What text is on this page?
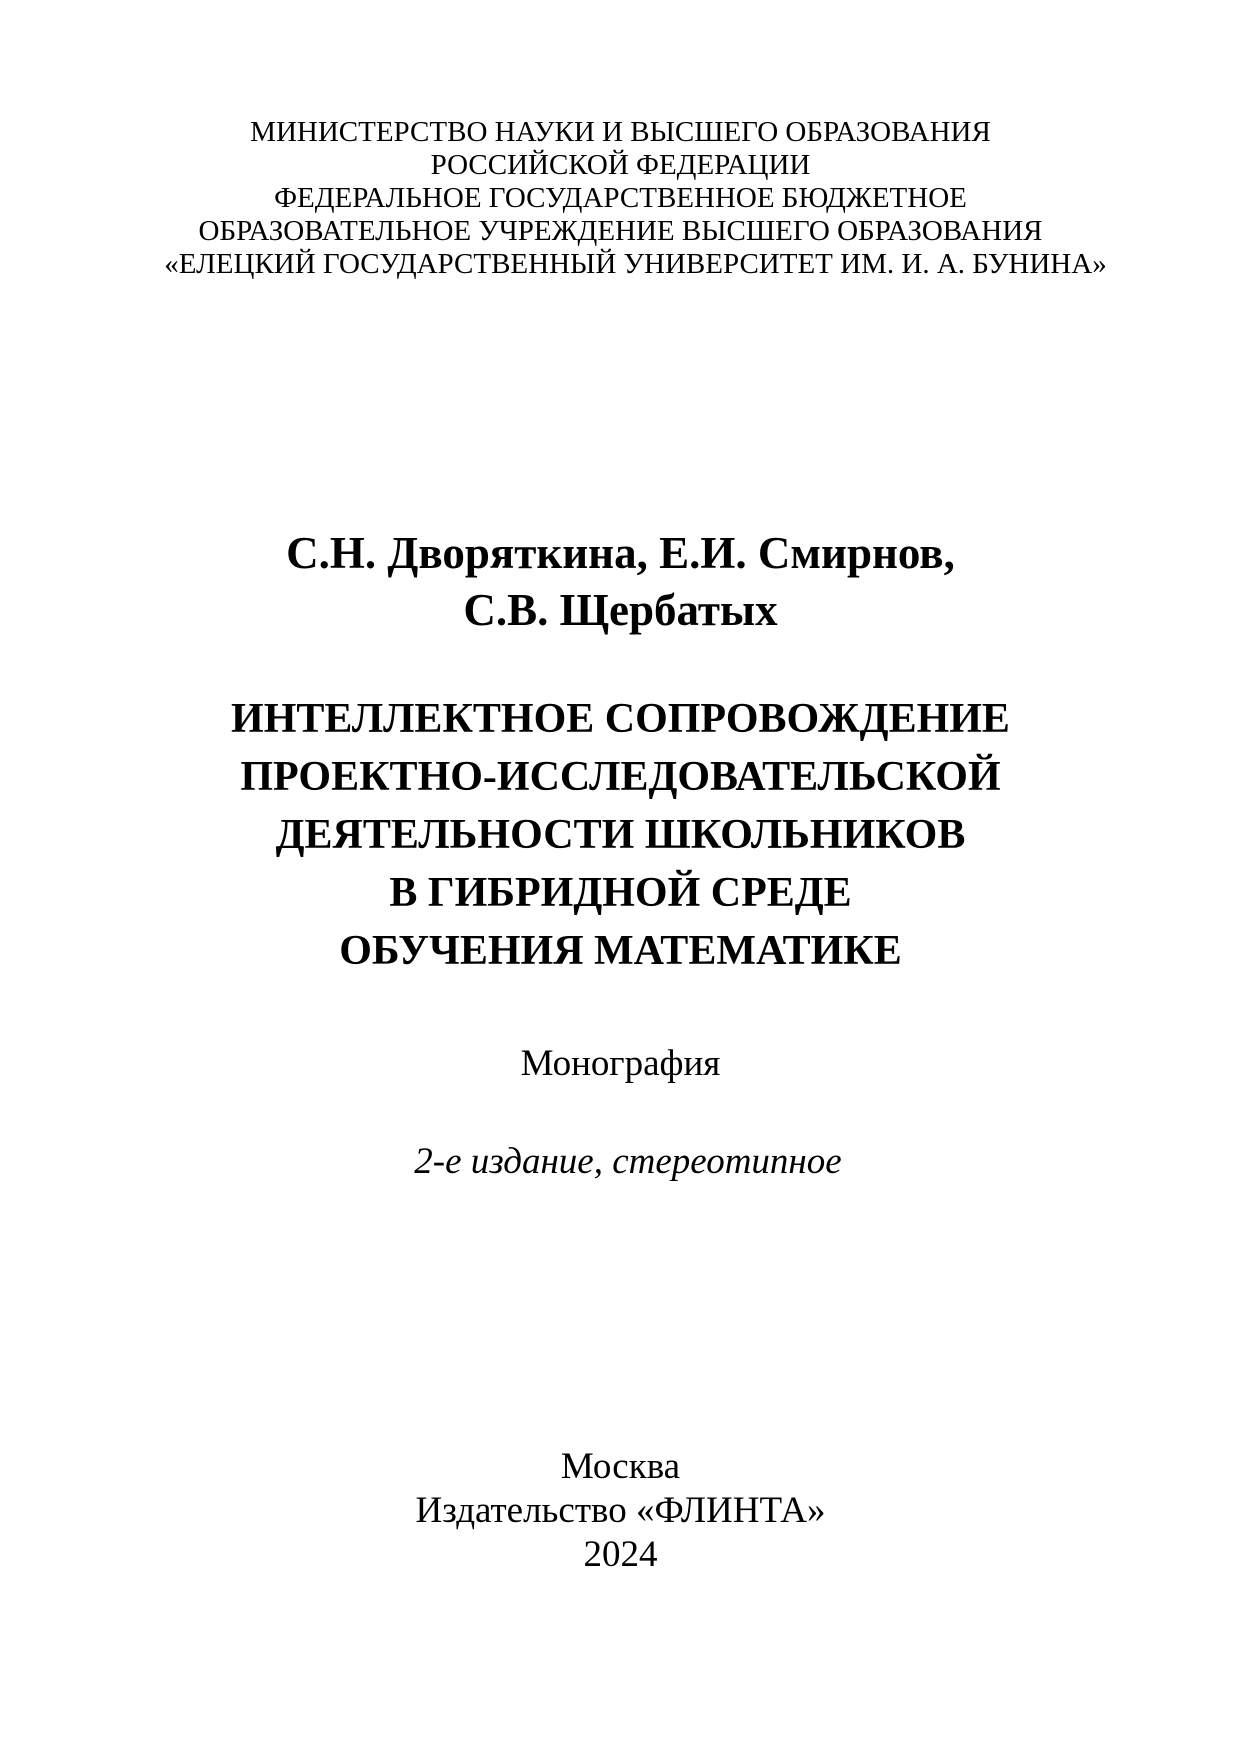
МИНИСТЕРСТВО НАУКИ И ВЫСШЕГО ОБРАЗОВАНИЯ
РОССИЙСКОЙ ФЕДЕРАЦИИ
ФЕДЕРАЛЬНОЕ ГОСУДАРСТВЕННОЕ БЮДЖЕТНОЕ
ОБРАЗОВАТЕЛЬНОЕ УЧРЕЖДЕНИЕ ВЫСШЕГО ОБРАЗОВАНИЯ
«ЕЛЕЦКИЙ ГОСУДАРСТВЕННЫЙ УНИВЕРСИТЕТ ИМ. И. А. БУНИНА»
С.Н. Дворяткина, Е.И. Смирнов,
С.В. Щербатых
ИНТЕЛЛЕКТНОЕ СОПРОВОЖДЕНИЕ
ПРОЕКТНО-ИССЛЕДОВАТЕЛЬСКОЙ
ДЕЯТЕЛЬНОСТИ ШКОЛЬНИКОВ
В ГИБРИДНОЙ СРЕДЕ
ОБУЧЕНИЯ МАТЕМАТИКЕ
Монография
2-е издание, стереотипное
Москва
Издательство «ФЛИНТА»
2024
